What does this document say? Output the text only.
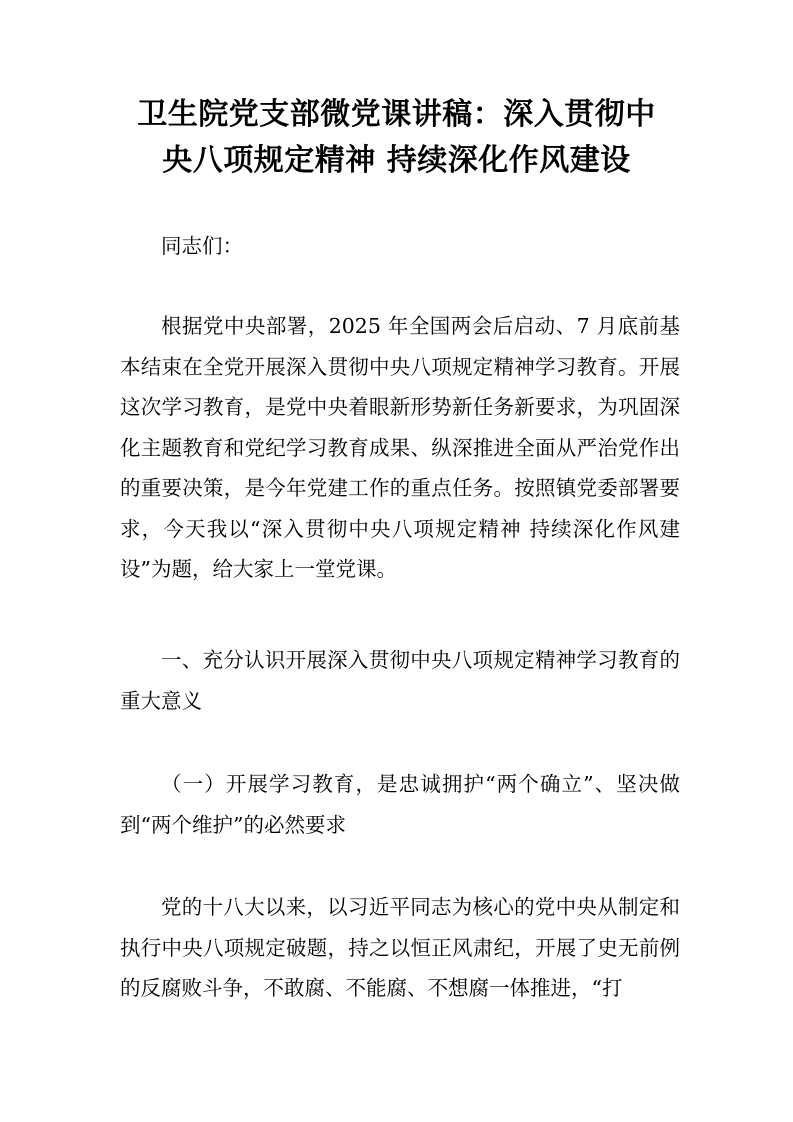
卫生院党支部微党课讲稿：深入贯彻中
央八项规定精神 持续深化作风建设
同志们：
根据党中央部署，2025 年全国两会后启动、7 月底前基本结束在全党开展深入贯彻中央八项规定精神学习教育。开展这次学习教育，是党中央着眼新形势新任务新要求，为巩固深化主题教育和党纪学习教育成果、纵深推进全面从严治党作出的重要决策，是今年党建工作的重点任务。按照镇党委部署要求，今天我以“深入贯彻中央八项规定精神 持续深化作风建设”为题，给大家上一堂党课。
一、充分认识开展深入贯彻中央八项规定精神学习教育的重大意义
（一）开展学习教育，是忠诚拥护“两个确立”、坚决做到“两个维护”的必然要求
党的十八大以来，以习近平同志为核心的党中央从制定和执行中央八项规定破题，持之以恒正风肃纪，开展了史无前例的反腐败斗争，不敢腐、不能腐、不想腐一体推进，“打
